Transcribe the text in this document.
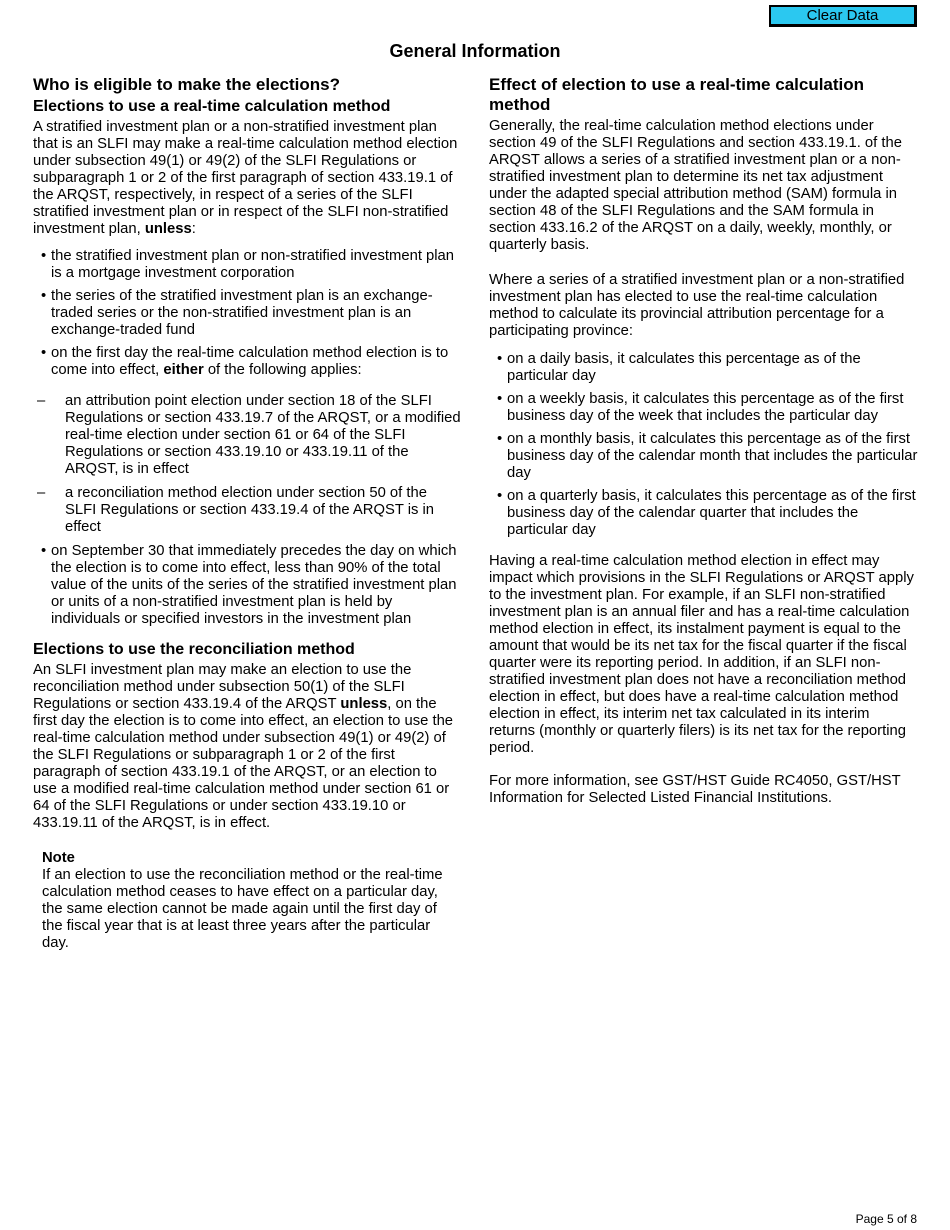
Clear Data
General Information
Who is eligible to make the elections?
Elections to use a real-time calculation method

A stratified investment plan or a non-stratified investment plan that is an SLFI may make a real-time calculation method election under subsection 49(1) or 49(2) of the SLFI Regulations or subparagraph 1 or 2 of the first paragraph of section 433.19.1 of the ARQST, respectively, in respect of a series of the SLFI stratified investment plan or in respect of the SLFI non-stratified investment plan, unless:

• the stratified investment plan or non-stratified investment plan is a mortgage investment corporation
• the series of the stratified investment plan is an exchange-traded series or the non-stratified investment plan is an exchange-traded fund
• on the first day the real-time calculation method election is to come into effect, either of the following applies:
– an attribution point election under section 18 of the SLFI Regulations or section 433.19.7 of the ARQST, or a modified real-time election under section 61 or 64 of the SLFI Regulations or section 433.19.10 or 433.19.11 of the ARQST, is in effect
– a reconciliation method election under section 50 of the SLFI Regulations or section 433.19.4 of the ARQST is in effect
• on September 30 that immediately precedes the day on which the election is to come into effect, less than 90% of the total value of the units of the series of the stratified investment plan or units of a non-stratified investment plan is held by individuals or specified investors in the investment plan
Elections to use the reconciliation method

An SLFI investment plan may make an election to use the reconciliation method under subsection 50(1) of the SLFI Regulations or section 433.19.4 of the ARQST unless, on the first day the election is to come into effect, an election to use the real-time calculation method under subsection 49(1) or 49(2) of the SLFI Regulations or subparagraph 1 or 2 of the first paragraph of section 433.19.1 of the ARQST, or an election to use a modified real-time calculation method under section 61 or 64 of the SLFI Regulations or under section 433.19.10 or 433.19.11 of the ARQST, is in effect.

Note

If an election to use the reconciliation method or the real-time calculation method ceases to have effect on a particular day, the same election cannot be made again until the first day of the fiscal year that is at least three years after the particular day.

Effect of election to use a real-time calculation method

Generally, the real-time calculation method elections under section 49 of the SLFI Regulations and section 433.19.1. of the ARQST allows a series of a stratified investment plan or a non-stratified investment plan to determine its net tax adjustment under the adapted special attribution method (SAM) formula in section 48 of the SLFI Regulations and the SAM formula in section 433.16.2 of the ARQST on a daily, weekly, monthly, or quarterly basis.

Where a series of a stratified investment plan or a non-stratified investment plan has elected to use the real-time calculation method to calculate its provincial attribution percentage for a participating province:

• on a daily basis, it calculates this percentage as of the particular day
• on a weekly basis, it calculates this percentage as of the first business day of the week that includes the particular day
• on a monthly basis, it calculates this percentage as of the first business day of the calendar month that includes the particular day
• on a quarterly basis, it calculates this percentage as of the first business day of the calendar quarter that includes the particular day

Having a real-time calculation method election in effect may impact which provisions in the SLFI Regulations or ARQST apply to the investment plan. For example, if an SLFI non-stratified investment plan is an annual filer and has a real-time calculation method election in effect, its instalment payment is equal to the amount that would be its net tax for the fiscal quarter if the fiscal quarter were its reporting period. In addition, if an SLFI non-stratified investment plan does not have a reconciliation method election in effect, but does have a real-time calculation method election in effect, its interim net tax calculated in its interim returns (monthly or quarterly filers) is its net tax for the reporting period.

For more information, see GST/HST Guide RC4050, GST/HST Information for Selected Listed Financial Institutions.

Page 5 of 8
